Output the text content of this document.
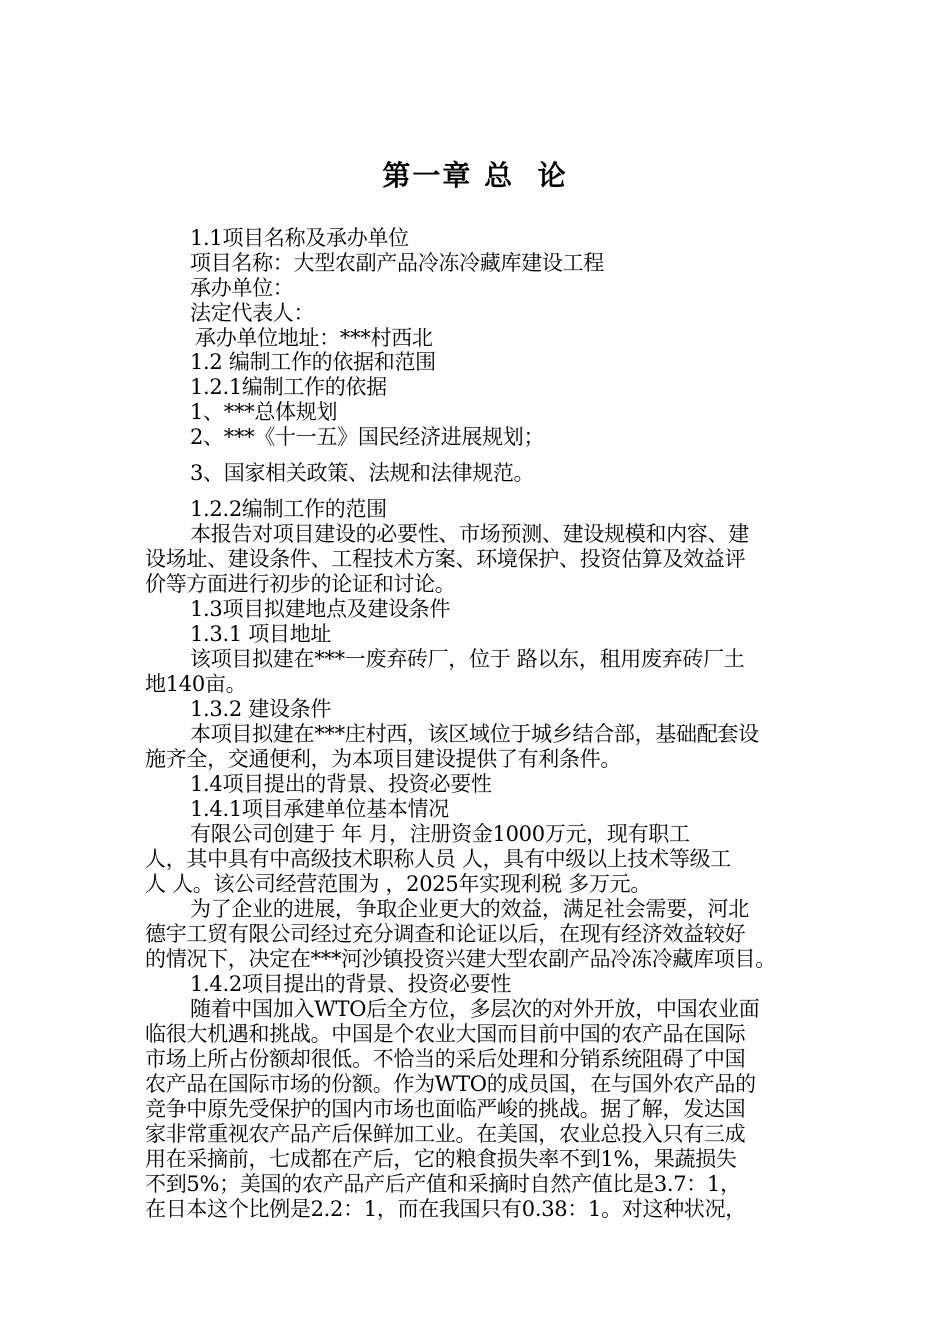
第一章 总  论
1.1项目名称及承办单位
项目名称：大型农副产品冷冻冷藏库建设工程
承办单位：
法定代表人：
承办单位地址：***村西北
1.2 编制工作的依据和范围
1.2.1编制工作的依据
1、***总体规划
2、***《十一五》国民经济进展规划；
3、国家相关政策、法规和法律规范。
1.2.2编制工作的范围
本报告对项目建设的必要性、市场预测、建设规模和内容、建
设场址、建设条件、工程技术方案、环境保护、投资估算及效益评
价等方面进行初步的论证和讨论。
1.3项目拟建地点及建设条件
1.3.1 项目地址
该项目拟建在***一废弃砖厂，位于 路以东，租用废弃砖厂土
地140亩。
1.3.2 建设条件
本项目拟建在***庄村西，该区域位于城乡结合部，基础配套设
施齐全，交通便利，为本项目建设提供了有利条件。
1.4项目提出的背景、投资必要性
1.4.1项目承建单位基本情况
有限公司创建于 年 月，注册资金1000万元，现有职工
人，其中具有中高级技术职称人员 人，具有中级以上技术等级工
人 人。该公司经营范围为 ，2025年实现利税 多万元。
为了企业的进展，争取企业更大的效益，满足社会需要，河北
德宇工贸有限公司经过充分调查和论证以后，在现有经济效益较好
的情况下，决定在***河沙镇投资兴建大型农副产品冷冻冷藏库项目。
1.4.2项目提出的背景、投资必要性
随着中国加入WTO后全方位，多层次的对外开放，中国农业面
临很大机遇和挑战。中国是个农业大国而目前中国的农产品在国际
市场上所占份额却很低。不恰当的采后处理和分销系统阻碍了中国
农产品在国际市场的份额。作为WTO的成员国，在与国外农产品的
竞争中原先受保护的国内市场也面临严峻的挑战。据了解，发达国
家非常重视农产品产后保鲜加工业。在美国，农业总投入只有三成
用在采摘前，七成都在产后，它的粮食损失率不到1%，果蔬损失
不到5%；美国的农产品产后产值和采摘时自然产值比是3.7：1，
在日本这个比例是2.2：1，而在我国只有0.38：1。对这种状况，
